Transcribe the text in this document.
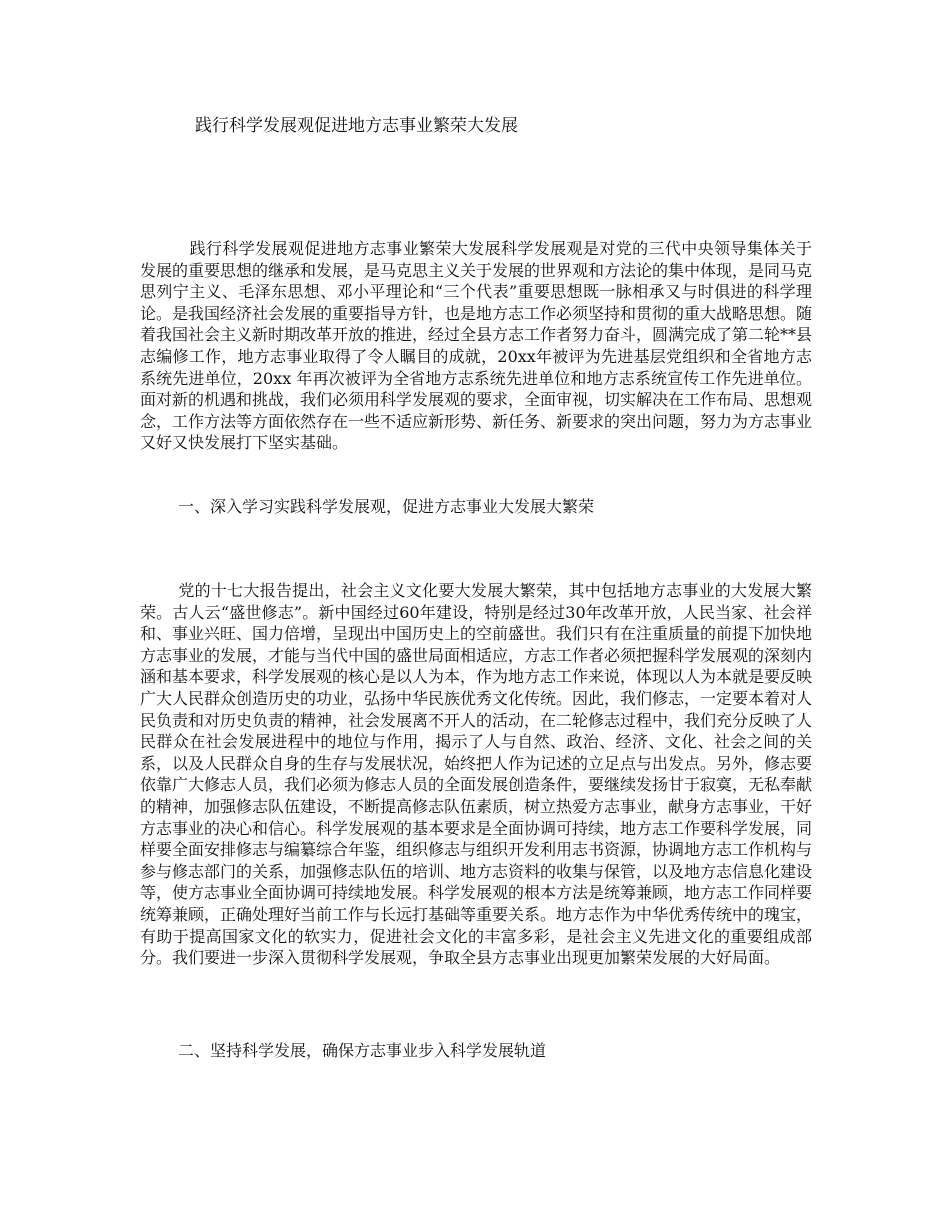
践行科学发展观促进地方志事业繁荣大发展

践行科学发展观促进地方志事业繁荣大发展科学发展观是对党的三代中央领导集体关于发展的重要思想的继承和发展，是马克思主义关于发展的世界观和方法论的集中体现，是同马克思列宁主义、毛泽东思想、邓小平理论和“三个代表”重要思想既一脉相承又与时俱进的科学理论。是我国经济社会发展的重要指导方针，也是地方志工作必须坚持和贯彻的重大战略思想。随着我国社会主义新时期改革开放的推进，经过全县方志工作者努力奋斗，圆满完成了第二轮**县志编修工作，地方志事业取得了令人瞩目的成就，20xx年被评为先进基层党组织和全省地方志系统先进单位，20xx 年再次被评为全省地方志系统先进单位和地方志系统宣传工作先进单位。面对新的机遇和挑战，我们必须用科学发展观的要求，全面审视，切实解决在工作布局、思想观念，工作方法等方面依然存在一些不适应新形势、新任务、新要求的突出问题，努力为方志事业又好又快发展打下坚实基础。

一、深入学习实践科学发展观，促进方志事业大发展大繁荣

党的十七大报告提出，社会主义文化要大发展大繁荣，其中包括地方志事业的大发展大繁荣。古人云“盛世修志”。新中国经过60年建设，特别是经过30年改革开放，人民当家、社会祥和、事业兴旺、国力倍增，呈现出中国历史上的空前盛世。我们只有在注重质量的前提下加快地方志事业的发展，才能与当代中国的盛世局面相适应，方志工作者必须把握科学发展观的深刻内涵和基本要求，科学发展观的核心是以人为本，作为地方志工作来说，体现以人为本就是要反映广大人民群众创造历史的功业，弘扬中华民族优秀文化传统。因此，我们修志，一定要本着对人民负责和对历史负责的精神，社会发展离不开人的活动，在二轮修志过程中，我们充分反映了人民群众在社会发展进程中的地位与作用，揭示了人与自然、政治、经济、文化、社会之间的关系，以及人民群众自身的生存与发展状况，始终把人作为记述的立足点与出发点。另外，修志要依靠广大修志人员，我们必须为修志人员的全面发展创造条件，要继续发扬甘于寂寞，无私奉献的精神，加强修志队伍建设，不断提高修志队伍素质，树立热爱方志事业，献身方志事业，干好方志事业的决心和信心。科学发展观的基本要求是全面协调可持续，地方志工作要科学发展，同样要全面安排修志与编纂综合年鉴，组织修志与组织开发利用志书资源，协调地方志工作机构与参与修志部门的关系，加强修志队伍的培训、地方志资料的收集与保管，以及地方志信息化建设等，使方志事业全面协调可持续地发展。科学发展观的根本方法是统筹兼顾，地方志工作同样要统筹兼顾，正确处理好当前工作与长远打基础等重要关系。地方志作为中华优秀传统中的瑰宝，有助于提高国家文化的软实力，促进社会文化的丰富多彩，是社会主义先进文化的重要组成部分。我们要进一步深入贯彻科学发展观，争取全县方志事业出现更加繁荣发展的大好局面。

二、坚持科学发展，确保方志事业步入科学发展轨道
